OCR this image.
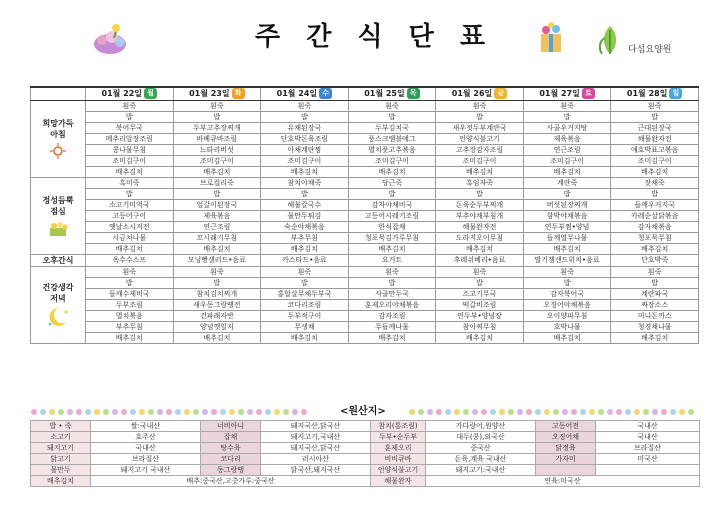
주 간 식 단 표	다섬요양원
	01월 22일 월	01월 23일 화	01월 24일 수	01월 25일 목	01월 26일 금	01월 27일 토	01월 28일 일

희망가득
아침	흰죽	흰죽	흰죽	흰죽	흰죽	흰죽	흰죽
	밥	밥	밥	밥	밥	밥	밥
	북어무국	두부고추장찌개	유채된장국	두부김치국	새우젓두부계란국	사골우거지탕	근대된장국
	메추리알장조림	바베큐바조림	단호박돈육조림	풍스크램블에그	언양식불고기	제육볶음	해물완자전
	콩나물무침	느타리버섯	아채계란찜	멸치풋고추볶음	고추장감자조림	연근조림	애호박표고볶음
	조미김구이	조미김구이	조미김구이	조미김구이	조미김구이	조미김구이	조미김구이
	배추김치	배추김치	배추김치	배추김치	배추김치	배추김치	배추김치

정성듬뿍
점심	흑미죽	브로컬리죽	참치야채죽	당근죽	흑임자죽	계란죽	잣채죽
	밥	밥	밥	밥	밥	밥	밥
	소고기미역국	얼갈이된장국	해물칼국수	감자야채비국	돈육순두부찌개	버섯된장찌개	들깨우거지국
	고등어구이	제육볶음	물만두튀김	고등어시레기조림	부추야채부침개	함박야채볶음	카레순살닭볶음
	옛날소시지전	연근조림	숙순야채볶음	한식잡채	해물완자전	연두부찜•양념	감자채볶음
	시금치나물	꼬시래기무침	부추무침	청포묵김가루무침	도라지오이무침	들깨열무나물	청포묵무침
	배추김치	배추김치	배추김치	배추김치	배추김치	배추김치	배추김치

오후간식	옥수수스프	모닝빵샐러드•음료	카스타드•음료	요거트	후레쉬베리•음료	딸기잼샌드위치•음료	단호박죽

건강생각
저녁	흰죽	흰죽	흰죽	흰죽	흰죽	흰죽	흰죽
	밥	밥	밥	밥	밥	밥	밥
	들깨수제비국	참치김치찌개	홍합살무채두부국	사골만두국	소고기무국	감자북어국	계란파국
	두부조림	새우동그랑땡전	코다리조림	훈제오리야채볶음	떡갈비조림	오징어야채볶음	짜장소스
	멸치볶음	건파래자반	두부적구이	감자조림	연두부•양념장	오이양파무침	미니돈까스
	부추무침	양념깻잎지	무생채	무들깨나물	참아찌무침	호박나물	청경채나물
	배추김치	배추김치	배추김치	배추김치	배추김치	배추김치	배추김치
<원산지>
밥 • 죽	쌀:국내산	너비아니	돼지국산,닭국산	참치(통조림)	가다랑어,원양산	고등어전	국내산
소고기	호주산	잡채	돼지고기,국내산	두부•순두부	대두(콩),외국산	오징어채	국내산
돼지고기	국내산	탕수육	돼지국산,닭국산	훈제오리	중국산	닭정육	브라질산
닭고기	브라질산	코다리	러시아산	비비큐바	돈육,계육 국내산	가자미	미국산
물만두	돼지고기 국내산	동그랑땡	닭국산,돼지국산	언양식불고기	돼지고기:국내산		
배추김치	배추:중국산,고춧가루:중국산			해물완자	연육:미국산		
